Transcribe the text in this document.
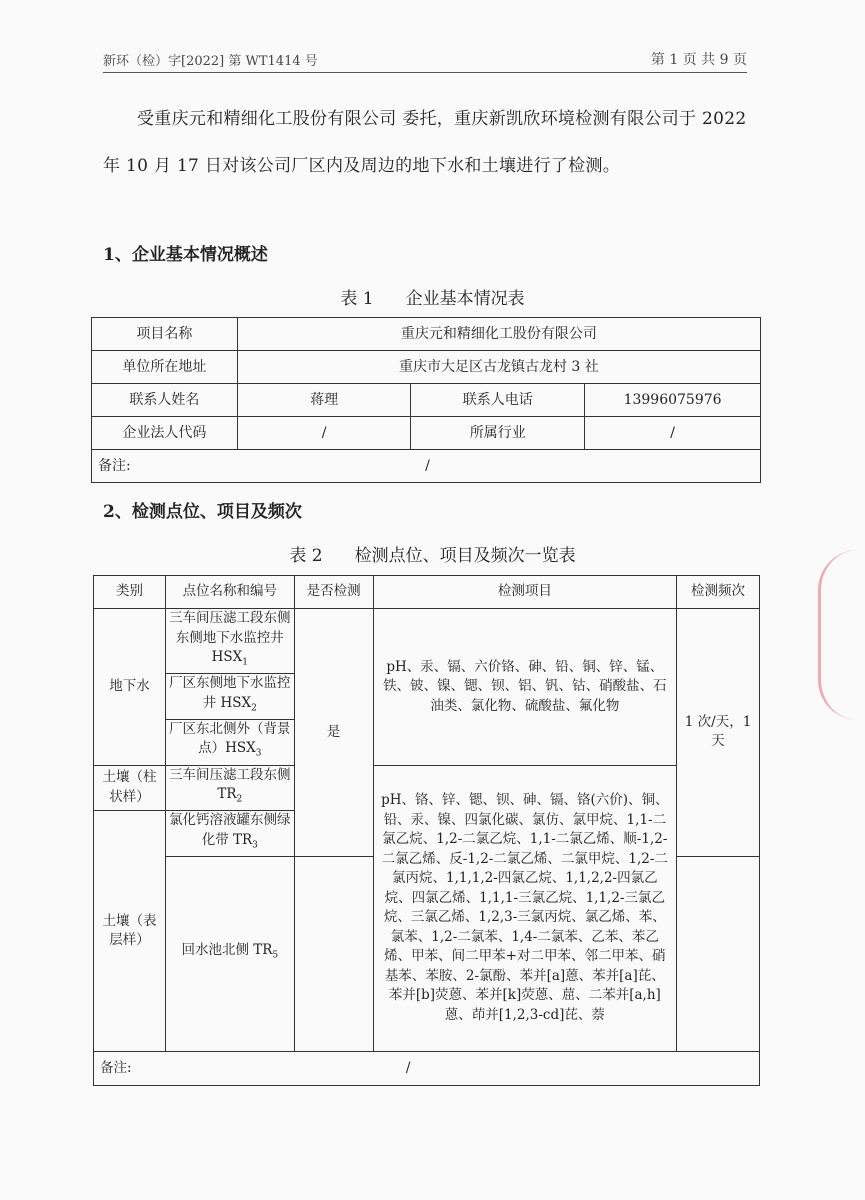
新环（检）字[2022] 第 WT1414 号	第 1 页 共 9 页
受重庆元和精细化工股份有限公司 委托，重庆新凯欣环境检测有限公司于 2022 年 10 月 17 日对该公司厂区内及周边的地下水和土壤进行了检测。
1、企业基本情况概述
表 1 企业基本情况表
项目名称	重庆元和精细化工股份有限公司		
单位所在地址	重庆市大足区古龙镇古龙村 3 社		
联系人姓名	蒋理	联系人电话	13996075976
企业法人代码	/	所属行业	/
备注: /			
2、检测点位、项目及频次
表 2 检测点位、项目及频次一览表
类别	点位名称和编号	是否检测	检测项目	检测频次
地下水	三车间压滤工段东侧东侧地下水监控井 $HSX_1$	是	pH、汞、镉、六价铬、砷、铅、铜、锌、锰、铁、铍、镍、锶、钡、铝、钒、钴、硝酸盐、石油类、氯化物、硫酸盐、氟化物	1 次/天，1 天
	厂区东侧地下水监控井 $HSX_2$
	厂区东北侧外（背景点）$HSX_3$
土壤（柱状样）	三车间压滤工段东侧 $TR_2$		pH、铬、锌、锶、钡、砷、镉、铬(六价)、铜、铅、汞、镍、四氯化碳、氯仿、氯甲烷、1,1-二氯乙烷、1,2-二氯乙烷、1,1-二氯乙烯、顺-1,2-二氯乙烯、反-1,2-二氯乙烯、二氯甲烷、1,2-二氯丙烷、1,1,1,2-四氯乙烷、1,1,2,2-四氯乙烷、四氯乙烯、1,1,1-三氯乙烷、1,1,2-三氯乙烷、三氯乙烯、1,2,3-三氯丙烷、氯乙烯、苯、氯苯、1,2-二氯苯、1,4-二氯苯、乙苯、苯乙烯、甲苯、间二甲苯+对二甲苯、邻二甲苯、硝基苯、苯胺、2-氯酚、苯并[a]蒽、苯并[a]芘、苯并[b]荧蒽、苯并[k]荧蒽、䓛、二苯并[a,h]蒽、茚并[1,2,3-cd]芘、萘	
土壤（表层样）	氯化钙溶液罐东侧绿化带 $TR_3$
	回水池北侧 $TR_5$		
备注: /				
